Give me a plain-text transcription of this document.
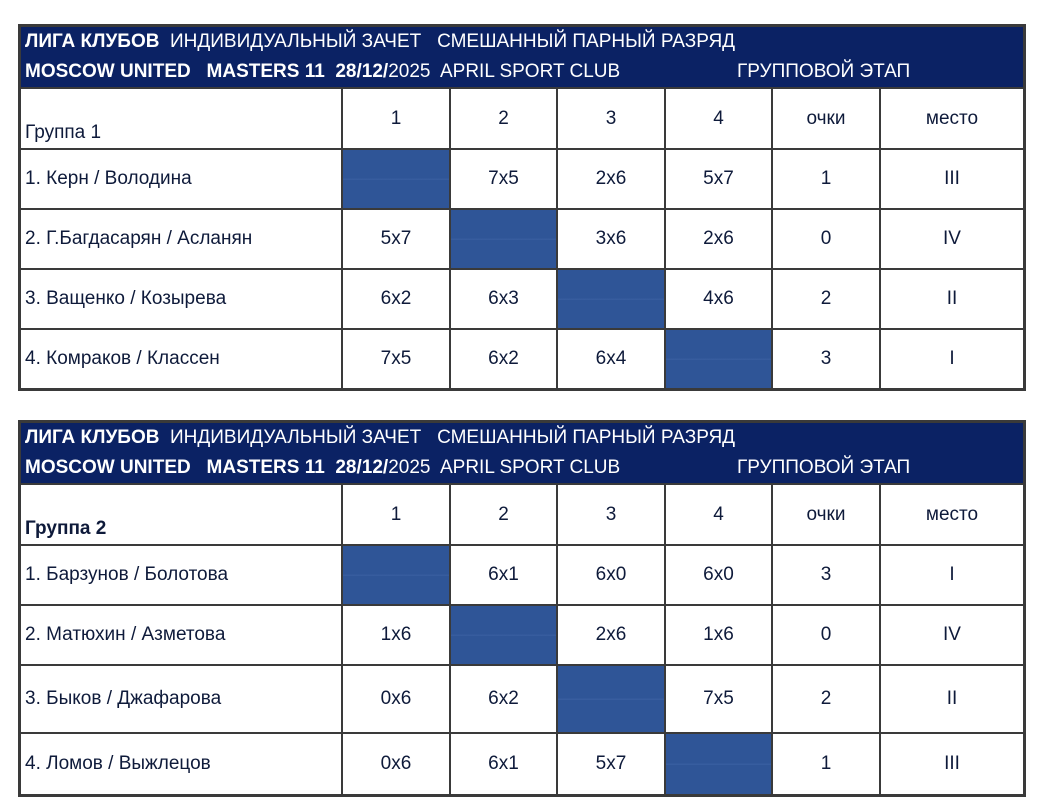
ЛИГА КЛУБОВ  ИНДИВИДУАЛЬНЫЙ ЗАЧЕТ   СМЕШАННЫЙ ПАРНЫЙ РАЗРЯД
MOSCOW UNITED   MASTERS 11  28/12/2025  APRIL SPORT CLUB	ГРУППОВОЙ ЭТАП
Группа 1	1	2	3	4	очки	место
1. Керн / Володина		7х5	2х6	5х7	1	III
2. Г.Багдасарян / Асланян	5х7		3х6	2х6	0	IV
3. Ващенко / Козырева	6х2	6х3		4х6	2	II
4. Комраков / Классен	7х5	6х2	6х4		3	I
ЛИГА КЛУБОВ  ИНДИВИДУАЛЬНЫЙ ЗАЧЕТ   СМЕШАННЫЙ ПАРНЫЙ РАЗРЯД
MOSCOW UNITED   MASTERS 11  28/12/2025  APRIL SPORT CLUB	ГРУППОВОЙ ЭТАП
Группа 2	1	2	3	4	очки	место
1. Барзунов / Болотова		6х1	6х0	6х0	3	I
2. Матюхин / Азметова	1х6		2х6	1х6	0	IV
3. Быков / Джафарова	0х6	6х2		7х5	2	II
4. Ломов / Выжлецов	0х6	6х1	5х7		1	III
